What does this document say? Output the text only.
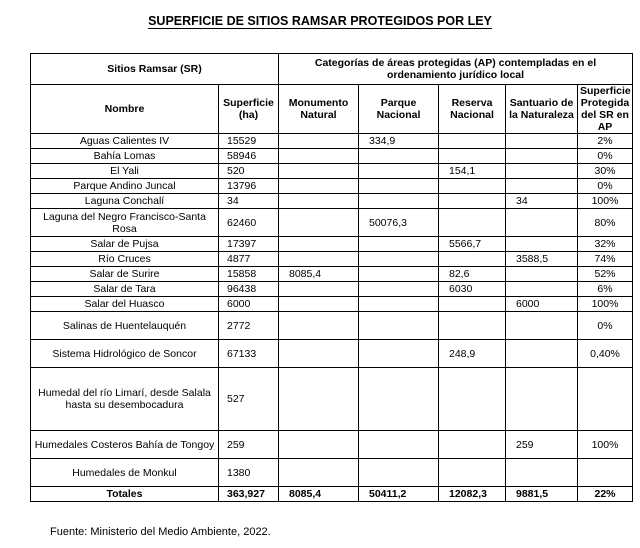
SUPERFICIE DE SITIOS RAMSAR PROTEGIDOS POR LEY
Sitios Ramsar (SR)		Categorías de áreas protegidas (AP) contempladas en el ordenamiento jurídico local				
Nombre	Superficie (ha)	Monumento Natural	Parque Nacional	Reserva Nacional	Santuario de la Naturaleza	Superficie Protegida del SR en AP
Aguas Calientes IV	15529		334,9			2%
Bahía Lomas	58946					0%
El Yali	520			154,1		30%
Parque Andino Juncal	13796					0%
Laguna Conchalí	34				34	100%
Laguna del Negro Francisco-Santa Rosa	62460		50076,3			80%
Salar de Pujsa	17397			5566,7		32%
Río Cruces	4877				3588,5	74%
Salar de Surire	15858	8085,4		82,6		52%
Salar de Tara	96438			6030		6%
Salar del Huasco	6000				6000	100%
Salinas de Huentelauquén	2772					0%
Sistema Hidrológico de Soncor	67133			248,9		0,40%
Humedal del río Limarí, desde Salala hasta su desembocadura	527					
Humedales Costeros Bahía de Tongoy	259				259	100%
Humedales de Monkul	1380					
Totales	363,927	8085,4	50411,2	12082,3	9881,5	22%
Fuente: Ministerio del Medio Ambiente, 2022.
